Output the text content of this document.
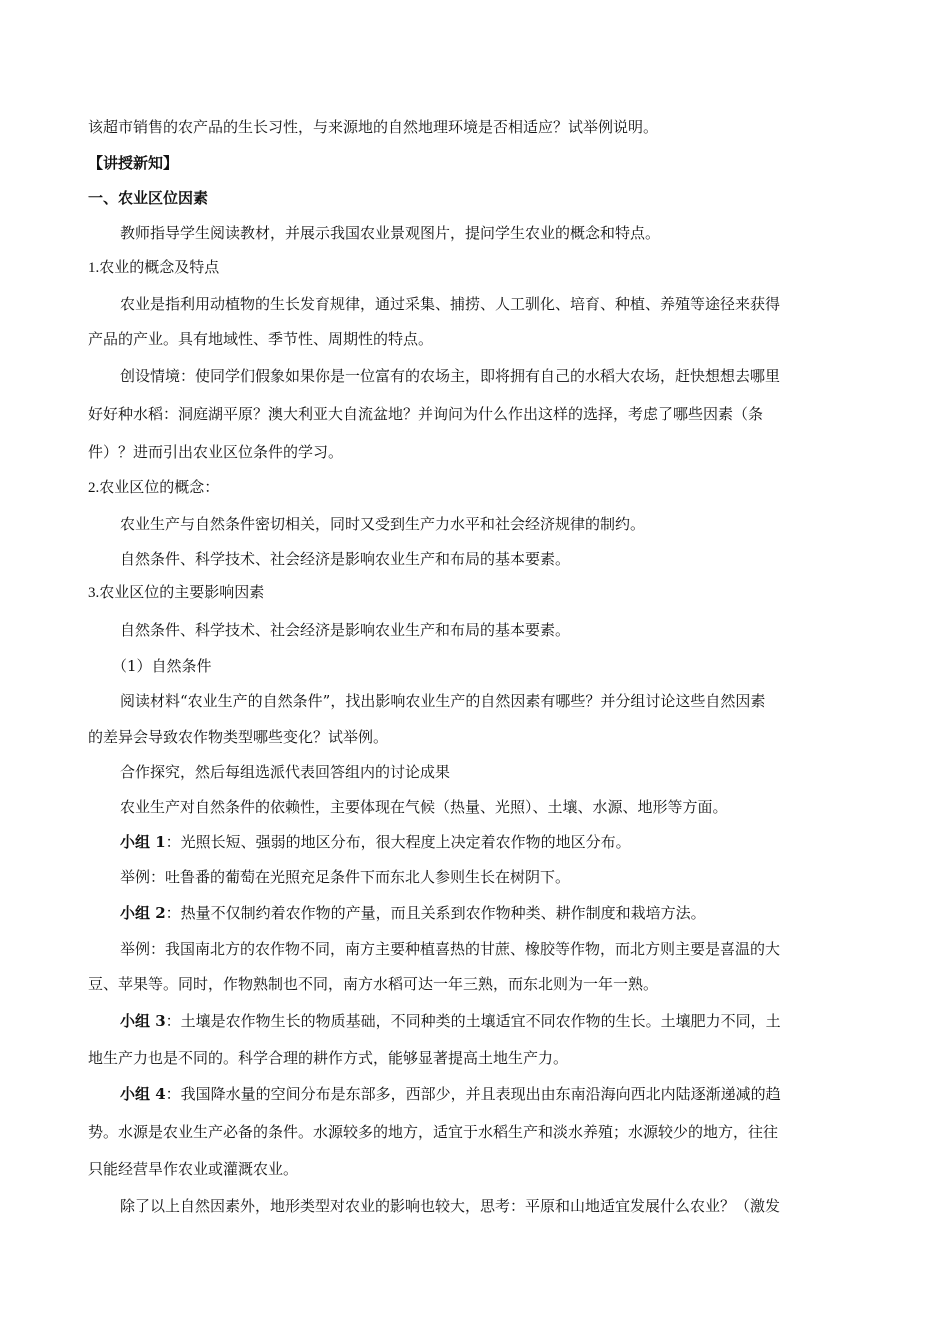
该超市销售的农产品的生长习性，与来源地的自然地理环境是否相适应？试举例说明。

【讲授新知】

一、农业区位因素

教师指导学生阅读教材，并展示我国农业景观图片，提问学生农业的概念和特点。

1.农业的概念及特点

农业是指利用动植物的生长发育规律，通过采集、捕捞、人工驯化、培育、种植、养殖等途径来获得

产品的产业。具有地域性、季节性、周期性的特点。

创设情境：使同学们假象如果你是一位富有的农场主，即将拥有自己的水稻大农场，赶快想想去哪里

好好种水稻：洞庭湖平原？澳大利亚大自流盆地？并询问为什么作出这样的选择，考虑了哪些因素（条

件）？进而引出农业区位条件的学习。

2.农业区位的概念：

农业生产与自然条件密切相关，同时又受到生产力水平和社会经济规律的制约。

自然条件、科学技术、社会经济是影响农业生产和布局的基本要素。

3.农业区位的主要影响因素

自然条件、科学技术、社会经济是影响农业生产和布局的基本要素。

（1）自然条件

阅读材料“农业生产的自然条件”，找出影响农业生产的自然因素有哪些？并分组讨论这些自然因素

的差异会导致农作物类型哪些变化？试举例。

合作探究，然后每组选派代表回答组内的讨论成果

农业生产对自然条件的依赖性，主要体现在气候（热量、光照）、土壤、水源、地形等方面。

小组 1：光照长短、强弱的地区分布，很大程度上决定着农作物的地区分布。

举例：吐鲁番的葡萄在光照充足条件下而东北人参则生长在树阴下。

小组 2：热量不仅制约着农作物的产量，而且关系到农作物种类、耕作制度和栽培方法。

举例：我国南北方的农作物不同，南方主要种植喜热的甘蔗、橡胶等作物，而北方则主要是喜温的大

豆、苹果等。同时，作物熟制也不同，南方水稻可达一年三熟，而东北则为一年一熟。

小组 3：土壤是农作物生长的物质基础，不同种类的土壤适宜不同农作物的生长。土壤肥力不同，土

地生产力也是不同的。科学合理的耕作方式，能够显著提高土地生产力。

小组 4：我国降水量的空间分布是东部多，西部少，并且表现出由东南沿海向西北内陆逐渐递减的趋

势。水源是农业生产必备的条件。水源较多的地方，适宜于水稻生产和淡水养殖；水源较少的地方，往往

只能经营旱作农业或灌溉农业。

除了以上自然因素外，地形类型对农业的影响也较大，思考：平原和山地适宜发展什么农业？（激发
